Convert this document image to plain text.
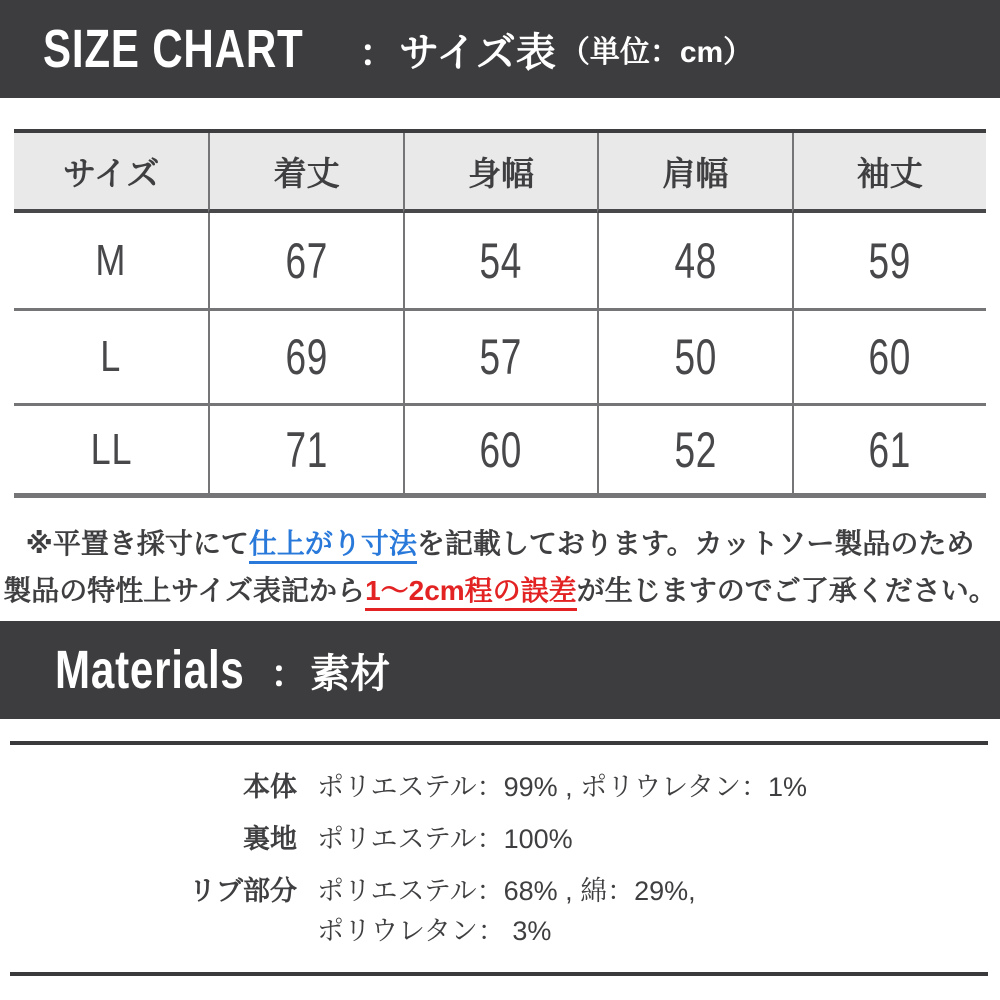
SIZE CHART ： サイズ表 （単位：cm）
サイズ	着丈	身幅	肩幅	袖丈
M	67	54	48	59
L	69	57	50	60
LL	71	60	52	61
※平置き採寸にて仕上がり寸法を記載しております。カットソー製品のため
製品の特性上サイズ表記から1〜2cm程の誤差が生じますのでご了承ください。
Materials ： 素材
本体 ポリエステル：99% , ポリウレタン：1%
裏地 ポリエステル：100%
リブ部分 ポリエステル：68% , 綿：29%,
ポリウレタン： 3%
